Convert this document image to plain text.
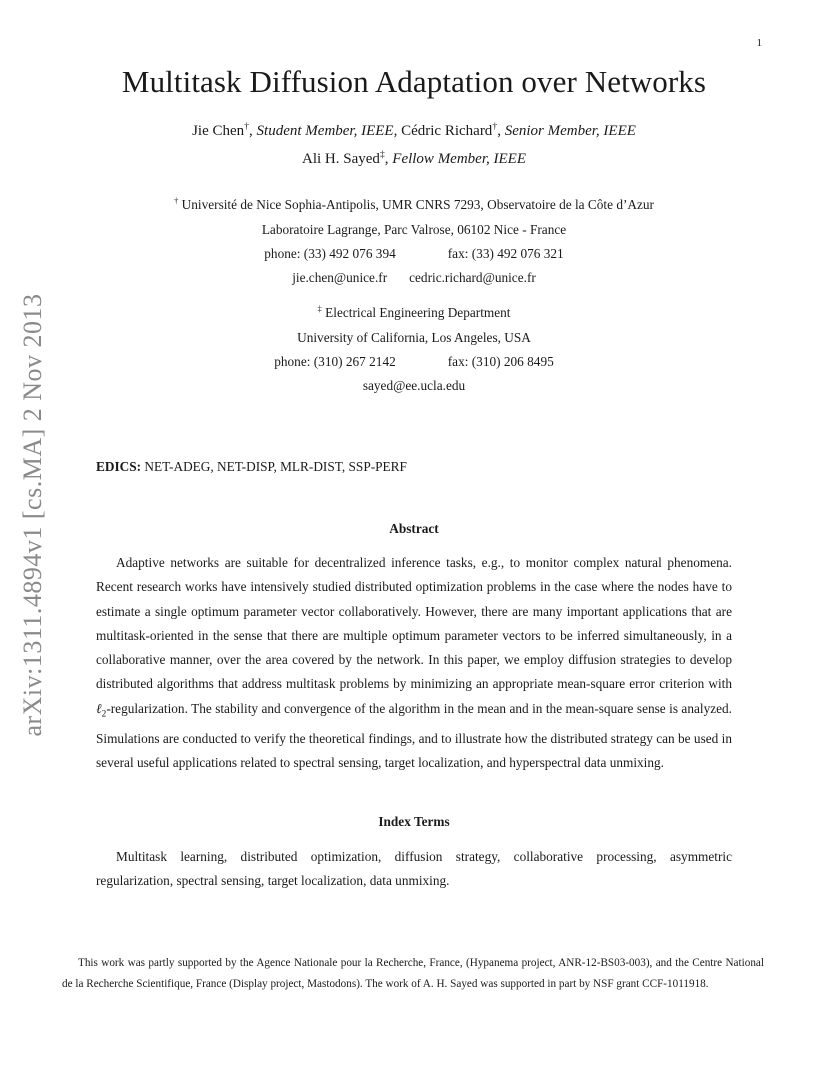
1
Multitask Diffusion Adaptation over Networks
Jie Chen†, Student Member, IEEE, Cédric Richard†, Senior Member, IEEE
Ali H. Sayed‡, Fellow Member, IEEE
† Université de Nice Sophia-Antipolis, UMR CNRS 7293, Observatoire de la Côte d’Azur
Laboratoire Lagrange, Parc Valrose, 06102 Nice - France
phone: (33) 492 076 394	fax: (33) 492 076 321
jie.chen@unice.fr cedric.richard@unice.fr
‡ Electrical Engineering Department
University of California, Los Angeles, USA
phone: (310) 267 2142	fax: (310) 206 8495
sayed@ee.ucla.edu
arXiv:1311.4894v1 [cs.MA] 2 Nov 2013	EDICS: NET-ADEG, NET-DISP, MLR-DIST, SSP-PERF
Abstract

Adaptive networks are suitable for decentralized inference tasks, e.g., to monitor complex natural phenomena. Recent research works have intensively studied distributed optimization problems in the case where the nodes have to estimate a single optimum parameter vector collaboratively. However, there are many important applications that are multitask-oriented in the sense that there are multiple optimum parameter vectors to be inferred simultaneously, in a collaborative manner, over the area covered by the network. In this paper, we employ diffusion strategies to develop distributed algorithms that address multitask problems by minimizing an appropriate mean-square error criterion with ℓ$_2$-regularization. The stability and convergence of the algorithm in the mean and in the mean-square sense is analyzed. Simulations are conducted to verify the theoretical findings, and to illustrate how the distributed strategy can be used in several useful applications related to spectral sensing, target localization, and hyperspectral data unmixing.

Index Terms

Multitask learning, distributed optimization, diffusion strategy, collaborative processing, asymmetric regularization, spectral sensing, target localization, data unmixing.

This work was partly supported by the Agence Nationale pour la Recherche, France, (Hypanema project, ANR-12-BS03-003), and the Centre National de la Recherche Scientifique, France (Display project, Mastodons). The work of A. H. Sayed was supported in part by NSF grant CCF-1011918.
